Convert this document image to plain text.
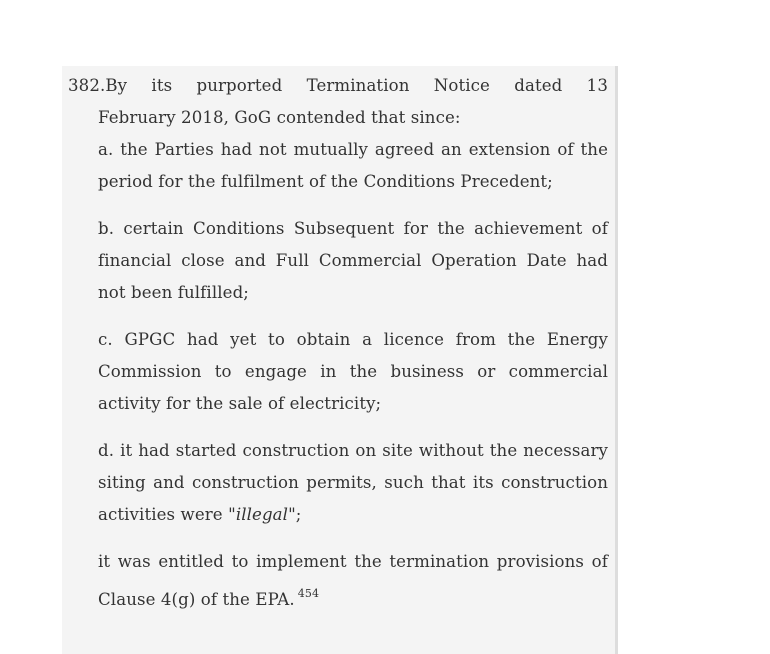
382.By its purported Termination Notice dated 13

February 2018, GoG contended that since:

a. the Parties had not mutually agreed an extension of the period for the fulfilment of the Conditions Precedent;

b. certain Conditions Subsequent for the achievement of financial close and Full Commercial Operation Date had not been fulfilled;

c. GPGC had yet to obtain a licence from the Energy Commission to engage in the business or commercial activity for the sale of electricity;

d. it had started construction on site without the necessary siting and construction permits, such that its construction activities were "illegal";

it was entitled to implement the termination provisions of Clause 4(g) of the EPA. $^{454}$
